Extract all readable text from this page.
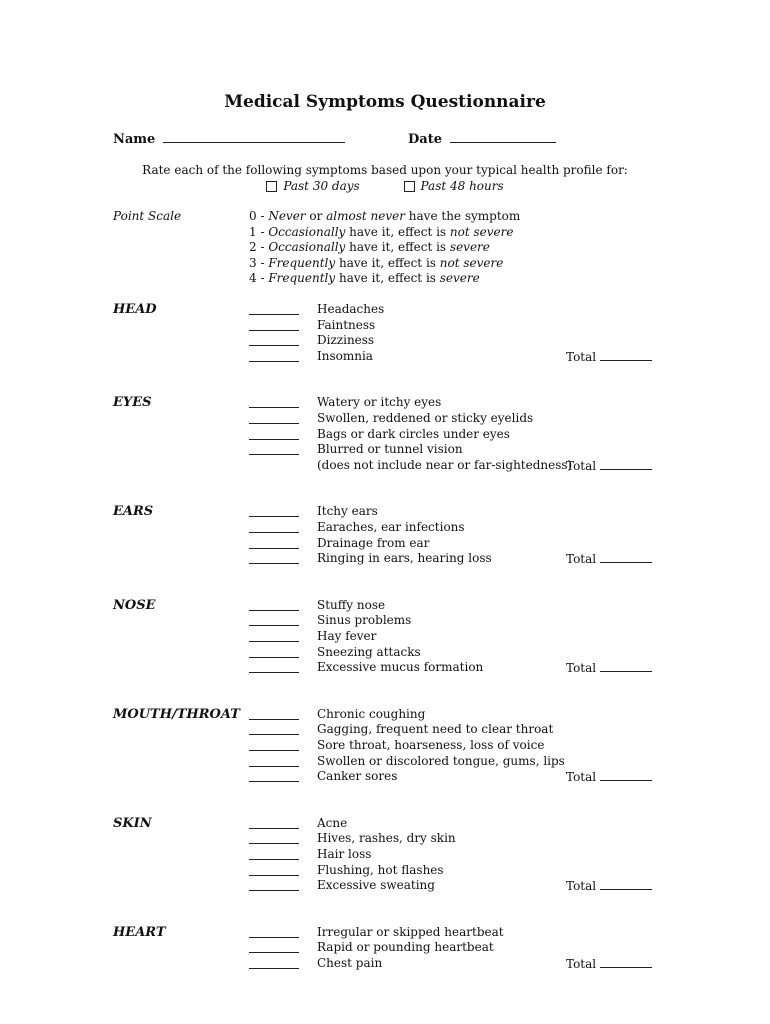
Medical Symptoms Questionnaire
Name	Date
Rate each of the following symptoms based upon your typical health profile for:
Past 30 days
	Past 48 hours
Point Scale	0 - Never or almost never have the symptom
1 - Occasionally have it, effect is not severe
2 - Occasionally have it, effect is severe
3 - Frequently have it, effect is not severe
4 - Frequently have it, effect is severe
HEAD	Headaches
Faintness
Dizziness
Insomnia	Total
EYES	Watery or itchy eyes
Swollen, reddened or sticky eyelids
Bags or dark circles under eyes
Blurred or tunnel vision
(does not include near or far-sightedness)
Total
EARS	Itchy ears
Earaches, ear infections
Drainage from ear
Ringing in ears, hearing loss	Total
NOSE	Stuffy nose
Sinus problems
Hay fever
Sneezing attacks
Excessive mucus formation	Total
MOUTH/THROAT	Chronic coughing
Gagging, frequent need to clear throat
Sore throat, hoarseness, loss of voice
Swollen or discolored tongue, gums, lips
Canker sores	Total
SKIN	Acne
Hives, rashes, dry skin
Hair loss
Flushing, hot flashes
Excessive sweating	Total
HEART	Irregular or skipped heartbeat
Rapid or pounding heartbeat
Chest pain	Total
